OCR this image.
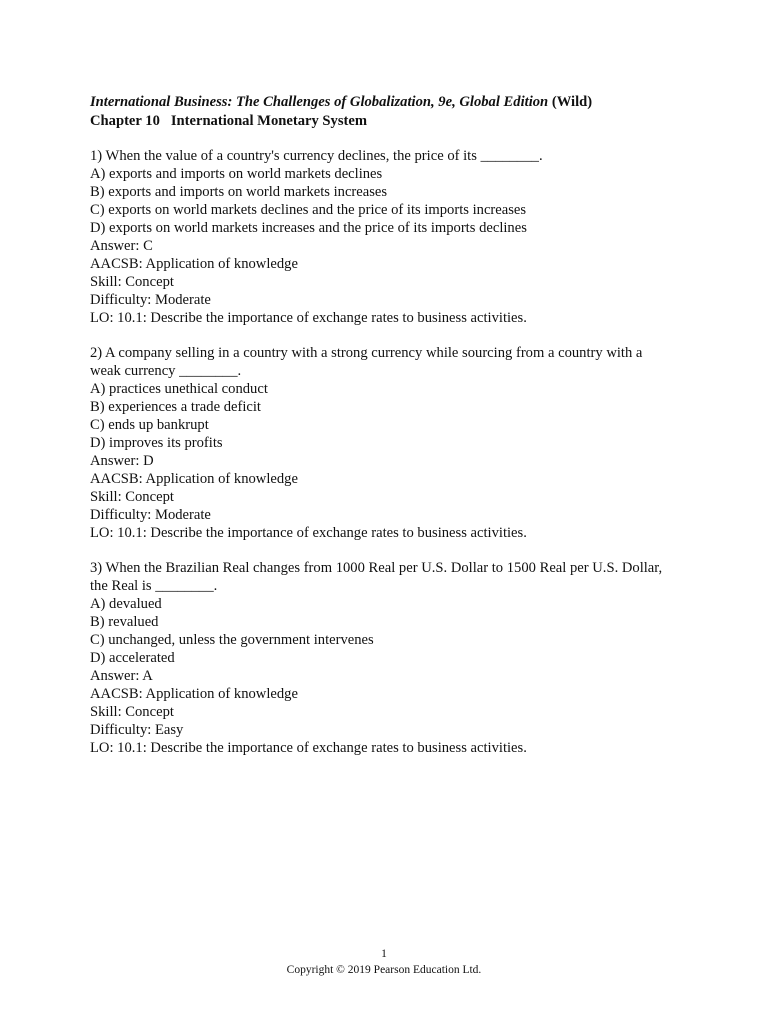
International Business: The Challenges of Globalization, 9e, Global Edition (Wild)
Chapter 10 International Monetary System
1) When the value of a country's currency declines, the price of its ________.
A) exports and imports on world markets declines
B) exports and imports on world markets increases
C) exports on world markets declines and the price of its imports increases
D) exports on world markets increases and the price of its imports declines
Answer: C
AACSB: Application of knowledge
Skill: Concept
Difficulty: Moderate
LO: 10.1: Describe the importance of exchange rates to business activities.
2) A company selling in a country with a strong currency while sourcing from a country with a weak currency ________.
A) practices unethical conduct
B) experiences a trade deficit
C) ends up bankrupt
D) improves its profits
Answer: D
AACSB: Application of knowledge
Skill: Concept
Difficulty: Moderate
LO: 10.1: Describe the importance of exchange rates to business activities.
3) When the Brazilian Real changes from 1000 Real per U.S. Dollar to 1500 Real per U.S. Dollar, the Real is ________.
A) devalued
B) revalued
C) unchanged, unless the government intervenes
D) accelerated
Answer: A
AACSB: Application of knowledge
Skill: Concept
Difficulty: Easy
LO: 10.1: Describe the importance of exchange rates to business activities.
1
Copyright © 2019 Pearson Education Ltd.
